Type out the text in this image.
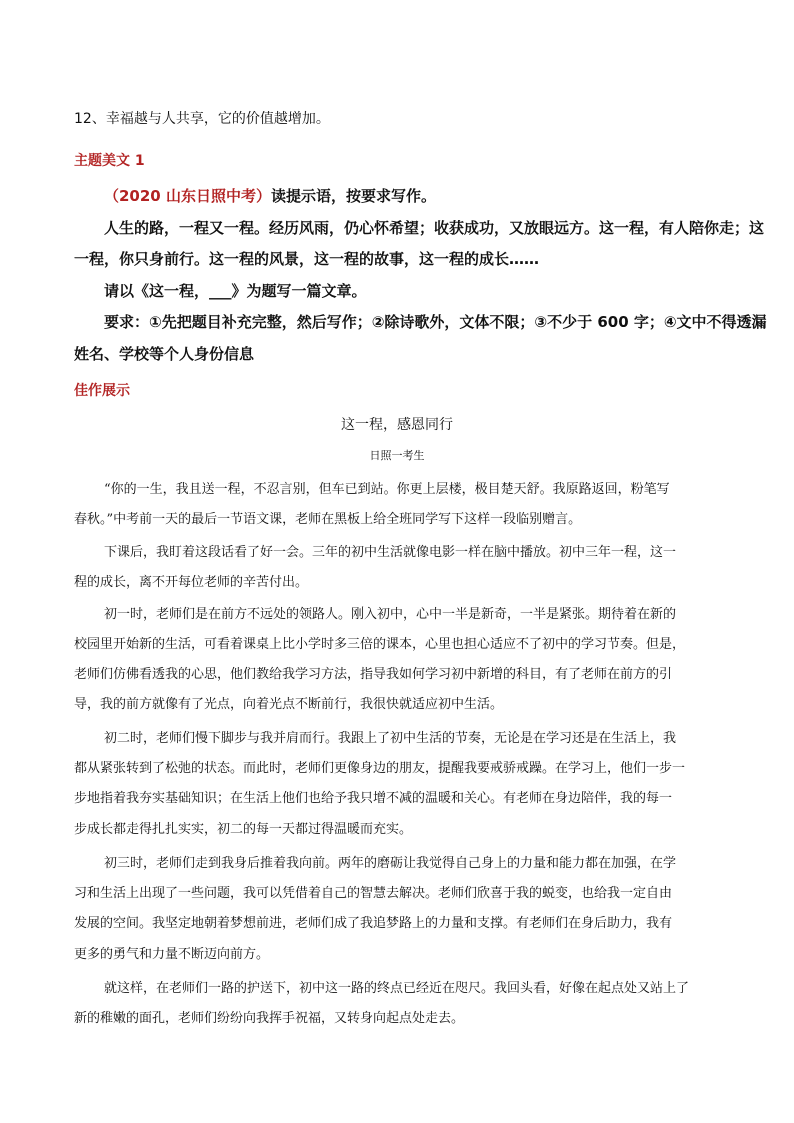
12、幸福越与人共享，它的价值越增加。
主题美文 1
（2020 山东日照中考）读提示语，按要求写作。
人生的路，一程又一程。经历风雨，仍心怀希望；收获成功，又放眼远方。这一程，有人陪你走；这
一程，你只身前行。这一程的风景，这一程的故事，这一程的成长……
请以《这一程，___》为题写一篇文章。
要求：①先把题目补充完整，然后写作；②除诗歌外，文体不限；③不少于 600 字；④文中不得透漏
姓名、学校等个人身份信息
佳作展示
这一程，感恩同行
日照一考生
“你的一生，我且送一程，不忍言别，但车已到站。你更上层楼，极目楚天舒。我原路返回，粉笔写
春秋。”中考前一天的最后一节语文课，老师在黑板上给全班同学写下这样一段临别赠言。
下课后，我盯着这段话看了好一会。三年的初中生活就像电影一样在脑中播放。初中三年一程，这一
程的成长，离不开每位老师的辛苦付出。
初一时，老师们是在前方不远处的领路人。刚入初中，心中一半是新奇，一半是紧张。期待着在新的
校园里开始新的生活，可看着课桌上比小学时多三倍的课本，心里也担心适应不了初中的学习节奏。但是，
老师们仿佛看透我的心思，他们教给我学习方法，指导我如何学习初中新增的科目，有了老师在前方的引
导，我的前方就像有了光点，向着光点不断前行，我很快就适应初中生活。
初二时，老师们慢下脚步与我并肩而行。我跟上了初中生活的节奏，无论是在学习还是在生活上，我
都从紧张转到了松弛的状态。而此时，老师们更像身边的朋友，提醒我要戒骄戒躁。在学习上，他们一步一
步地指着我夯实基础知识；在生活上他们也给予我只增不减的温暖和关心。有老师在身边陪伴，我的每一
步成长都走得扎扎实实，初二的每一天都过得温暖而充实。
初三时，老师们走到我身后推着我向前。两年的磨砺让我觉得自己身上的力量和能力都在加强，在学
习和生活上出现了一些问题，我可以凭借着自己的智慧去解决。老师们欣喜于我的蜕变，也给我一定自由
发展的空间。我坚定地朝着梦想前进，老师们成了我追梦路上的力量和支撑。有老师们在身后助力，我有
更多的勇气和力量不断迈向前方。
就这样，在老师们一路的护送下，初中这一路的终点已经近在咫尺。我回头看，好像在起点处又站上了
新的稚嫩的面孔，老师们纷纷向我挥手祝福，又转身向起点处走去。
